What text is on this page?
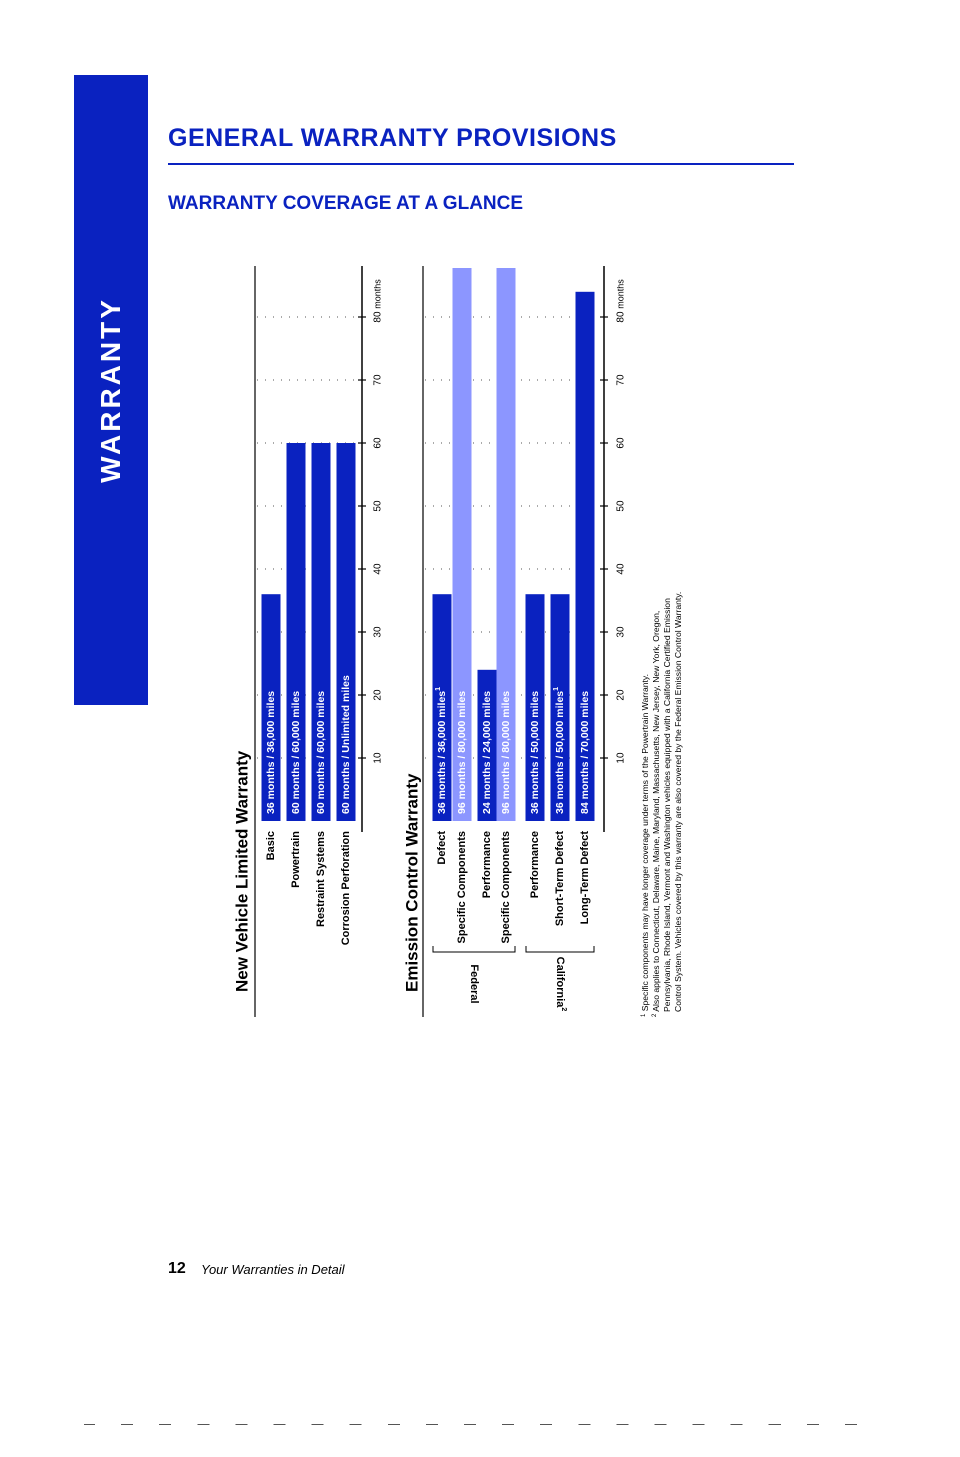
WARRANTY
GENERAL WARRANTY PROVISIONS
WARRANTY COVERAGE AT A GLANCE
New Vehicle Limited Warranty	10
20
30
40
50
60
70
80
months
36 months / 36,000 miles
Basic
60 months / 60,000 miles
Powertrain
60 months / 60,000 miles
Restraint Systems
60 months / Unlimited miles
Corrosion Perforation	Emission Control Warranty
10
20
30
40
50
60
70
80
months
36 months / 36,000 miles$^1$
Defect
96 months / 80,000 miles
Specific Components
24 months / 24,000 miles
Performance
96 months / 80,000 miles
Specific Components
36 months / 50,000 miles
Performance
36 months / 50,000 miles$^1$
Short-Term Defect
84 months / 70,000 miles
Long-Term Defect
Federal	California$^2$
$^1$ Specific components may have longer coverage under terms of the Powertrain Warranty.
$^2$ Also applies to Connecticut, Delaware, Maine, Maryland, Massachusetts, New Jersey, New York, Oregon, Pennsylvania, Rhode Island, Vermont and Washington vehicles equipped with a California Certified Emission Control System. Vehicles covered by this warranty are also covered by the Federal Emission Control Warranty.
12 Your Warranties in Detail
